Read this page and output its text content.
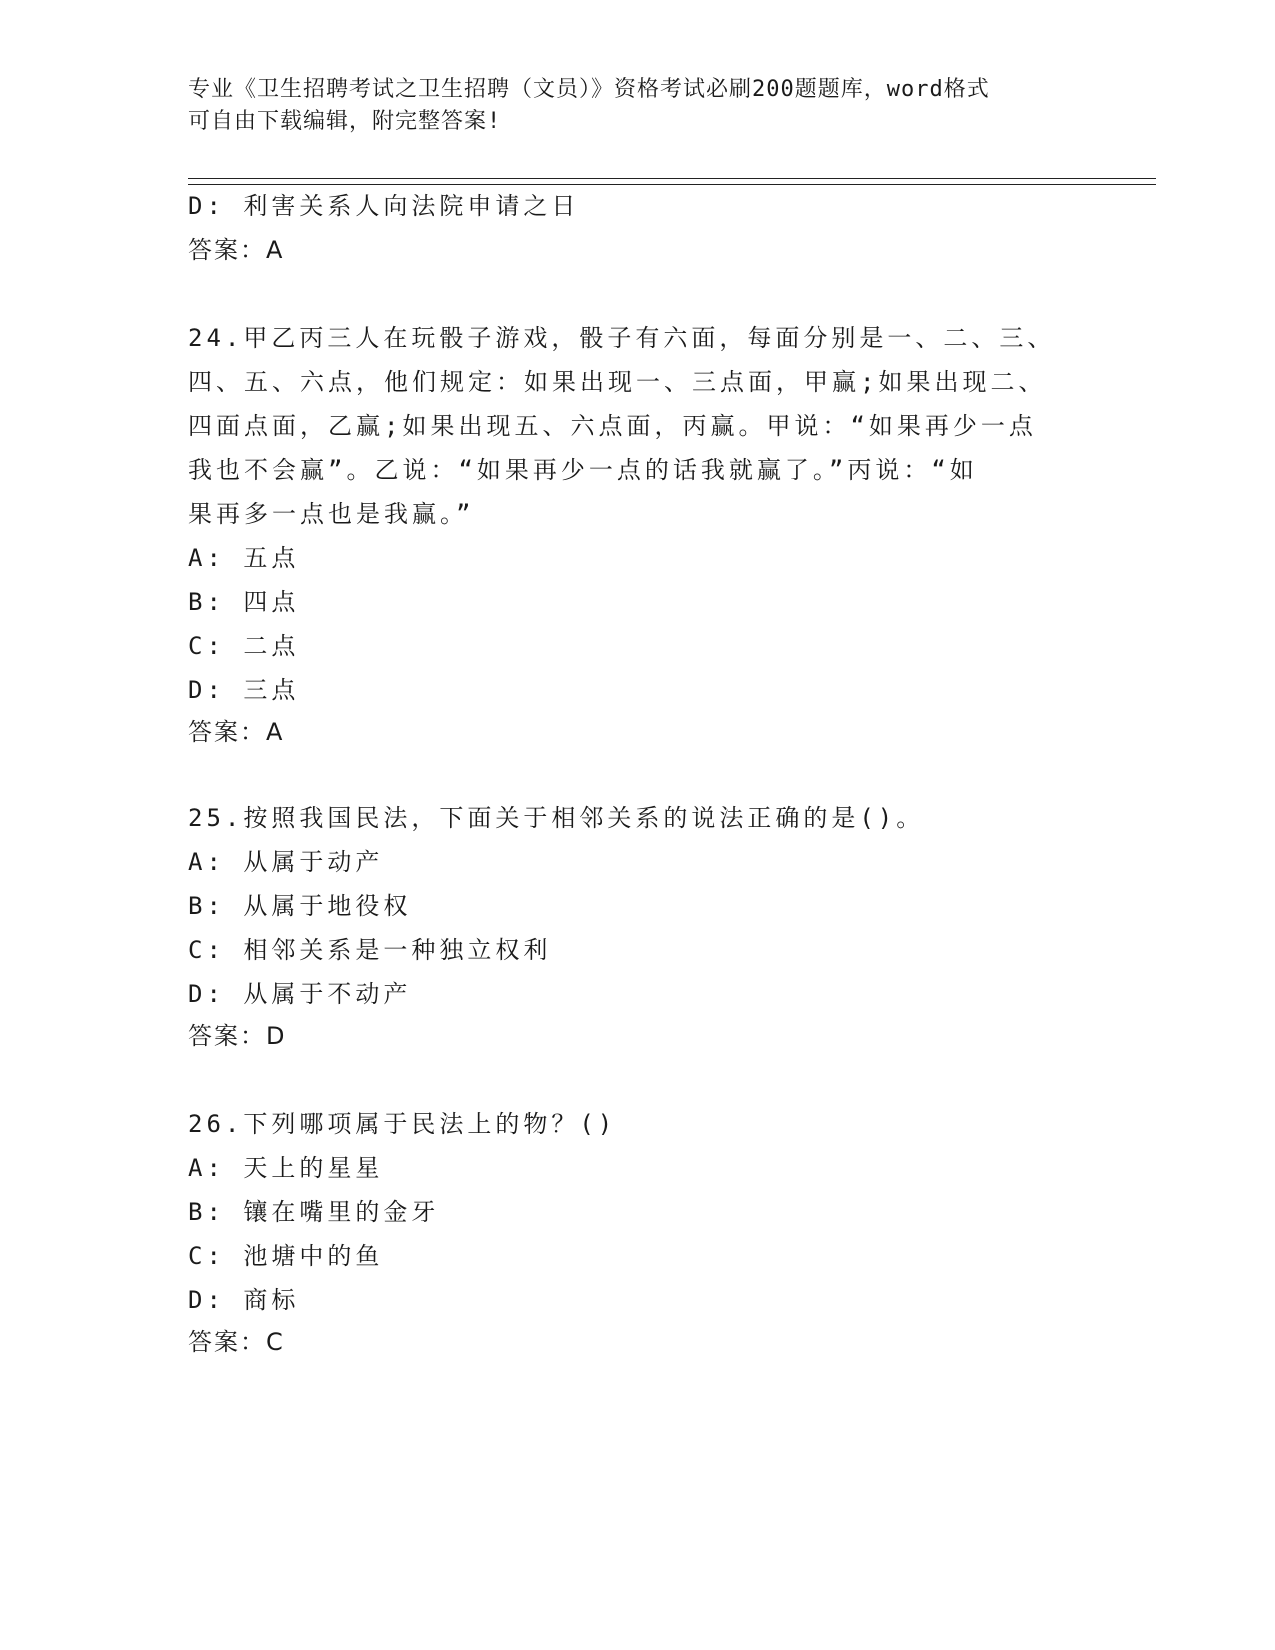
专业《卫生招聘考试之卫生招聘（文员）》资格考试必刷200题题库，word格式
可自由下载编辑，附完整答案!
D: 利害关系人向法院申请之日
答案：A
24.甲乙丙三人在玩骰子游戏，骰子有六面，每面分别是一、二、三、
四、五、六点，他们规定：如果出现一、三点面，甲赢;如果出现二、
四面点面，乙赢;如果出现五、六点面，丙赢。甲说：“如果再少一点
我也不会赢”。乙说：“如果再少一点的话我就赢了。”丙说：“如
果再多一点也是我赢。”
A: 五点
B: 四点
C: 二点
D: 三点
答案：A
25.按照我国民法，下面关于相邻关系的说法正确的是()。
A: 从属于动产
B: 从属于地役权
C: 相邻关系是一种独立权利
D: 从属于不动产
答案：D
26.下列哪项属于民法上的物？()
A: 天上的星星
B: 镶在嘴里的金牙
C: 池塘中的鱼
D: 商标
答案：C
